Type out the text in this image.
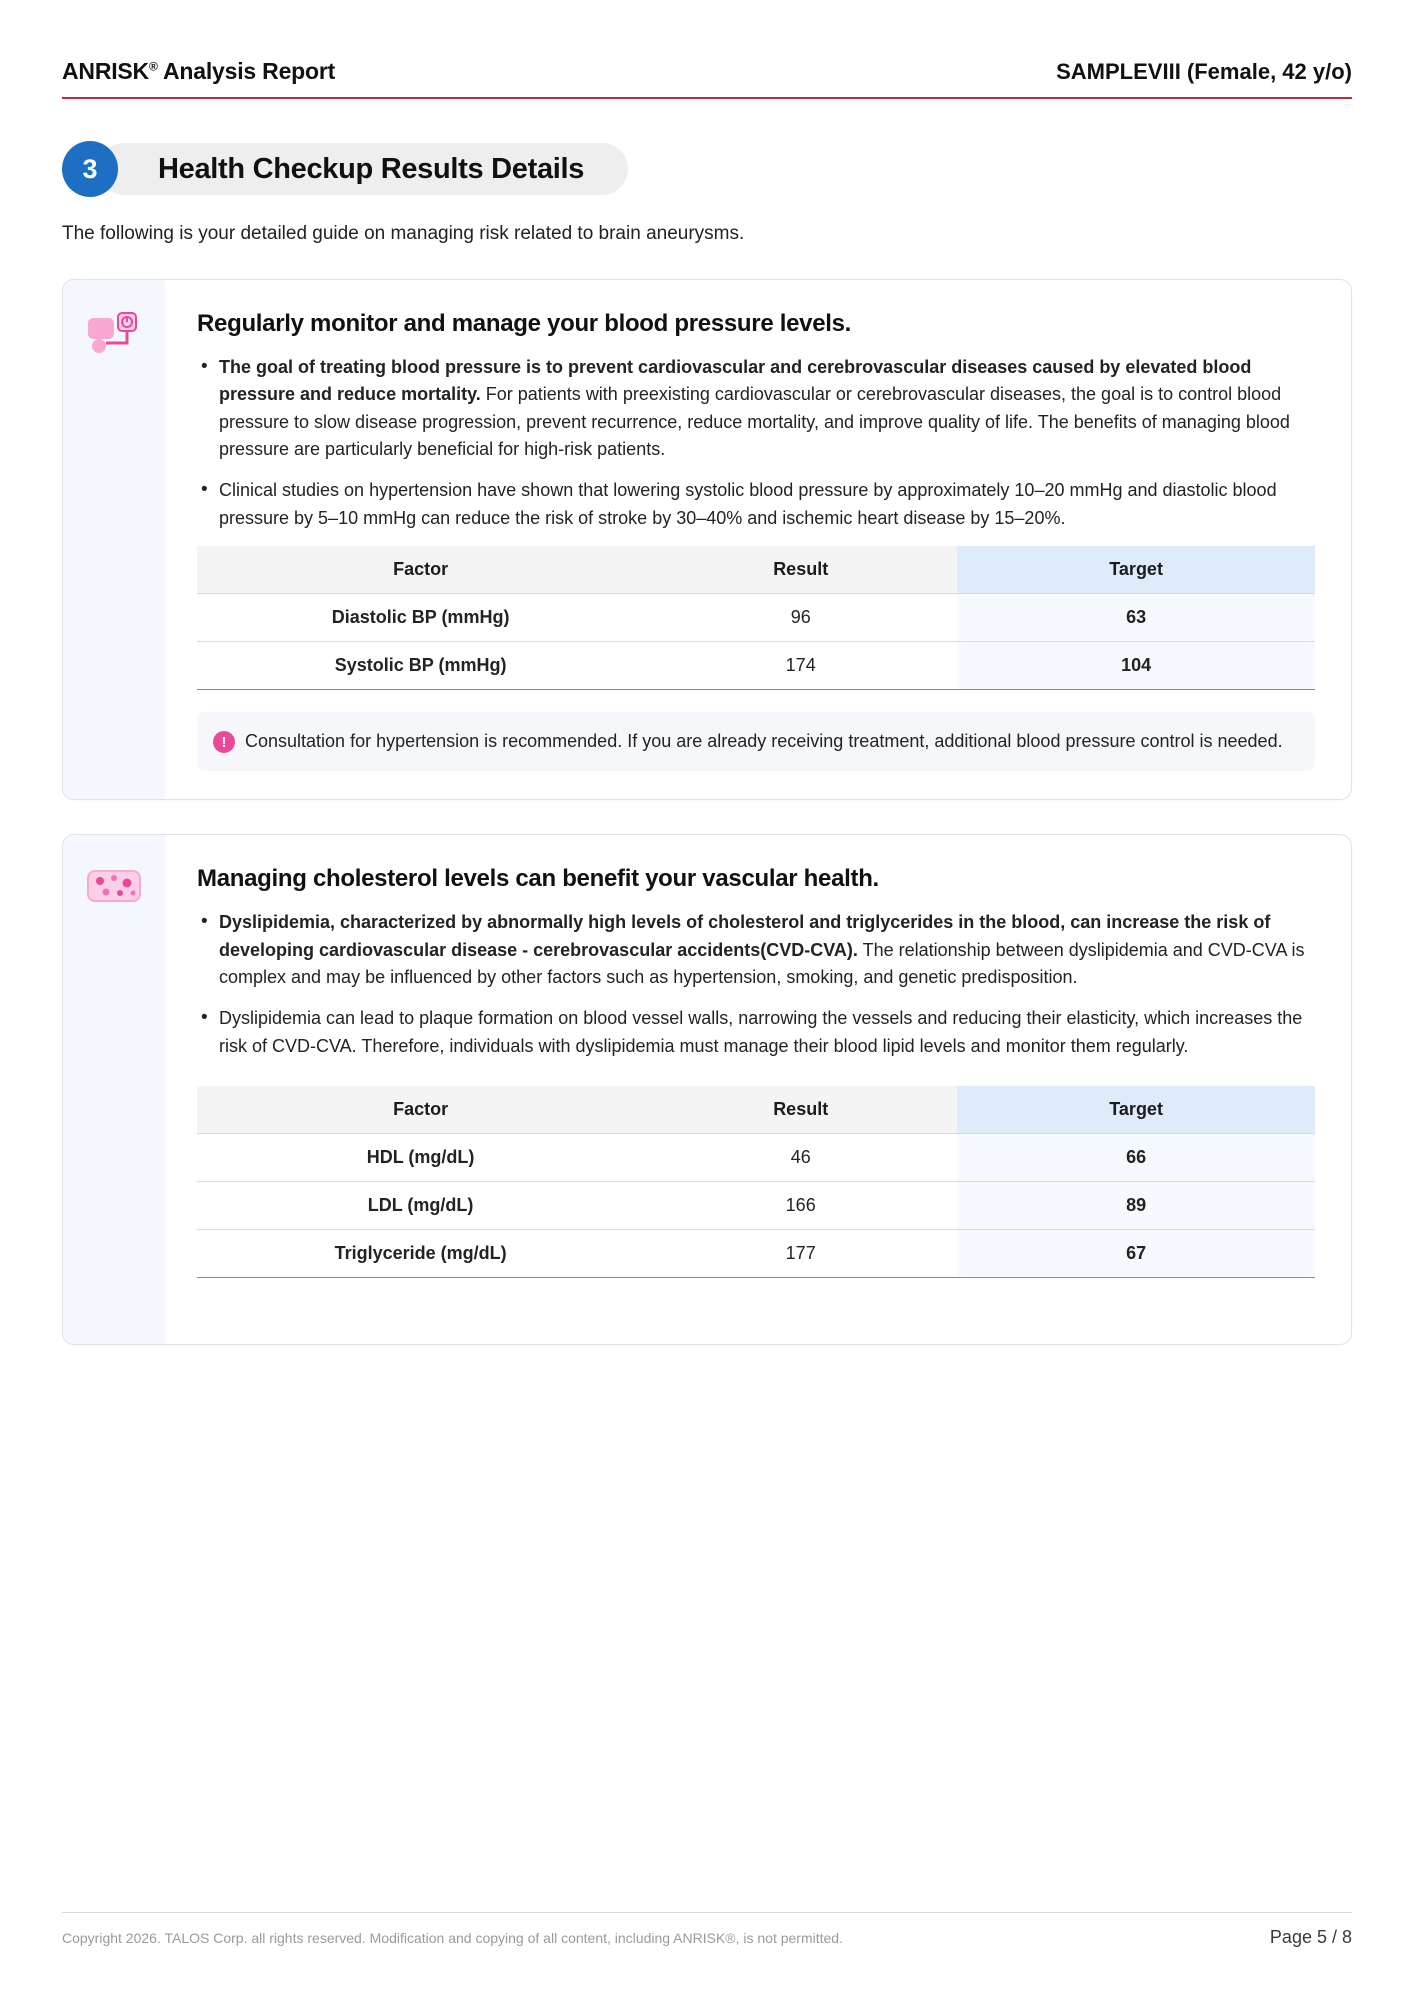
ANRISK® Analysis Report	SAMPLEVIII (Female, 42 y/o)
3	Health Checkup Results Details
The following is your detailed guide on managing risk related to brain aneurysms.
Regularly monitor and manage your blood pressure levels.
• The goal of treating blood pressure is to prevent cardiovascular and cerebrovascular diseases caused by elevated blood pressure and reduce mortality. For patients with preexisting cardiovascular or cerebrovascular diseases, the goal is to control blood pressure to slow disease progression, prevent recurrence, reduce mortality, and improve quality of life. The benefits of managing blood pressure are particularly beneficial for high-risk patients.
• Clinical studies on hypertension have shown that lowering systolic blood pressure by approximately 10–20 mmHg and diastolic blood pressure by 5–10 mmHg can reduce the risk of stroke by 30–40% and ischemic heart disease by 15–20%.
Factor	Result	Target
Diastolic BP (mmHg)	96	63
Systolic BP (mmHg)	174	104
!	Consultation for hypertension is recommended. If you are already receiving treatment, additional blood pressure control is needed.
Managing cholesterol levels can benefit your vascular health.
• Dyslipidemia, characterized by abnormally high levels of cholesterol and triglycerides in the blood, can increase the risk of developing cardiovascular disease - cerebrovascular accidents(CVD-CVA). The relationship between dyslipidemia and CVD-CVA is complex and may be influenced by other factors such as hypertension, smoking, and genetic predisposition.
• Dyslipidemia can lead to plaque formation on blood vessel walls, narrowing the vessels and reducing their elasticity, which increases the risk of CVD-CVA. Therefore, individuals with dyslipidemia must manage their blood lipid levels and monitor them regularly.
Factor	Result	Target
HDL (mg/dL)	46	66
LDL (mg/dL)	166	89
Triglyceride (mg/dL)	177	67
Copyright 2026. TALOS Corp. all rights reserved. Modification and copying of all content, including ANRISK®, is not permitted.	Page 5 / 8
